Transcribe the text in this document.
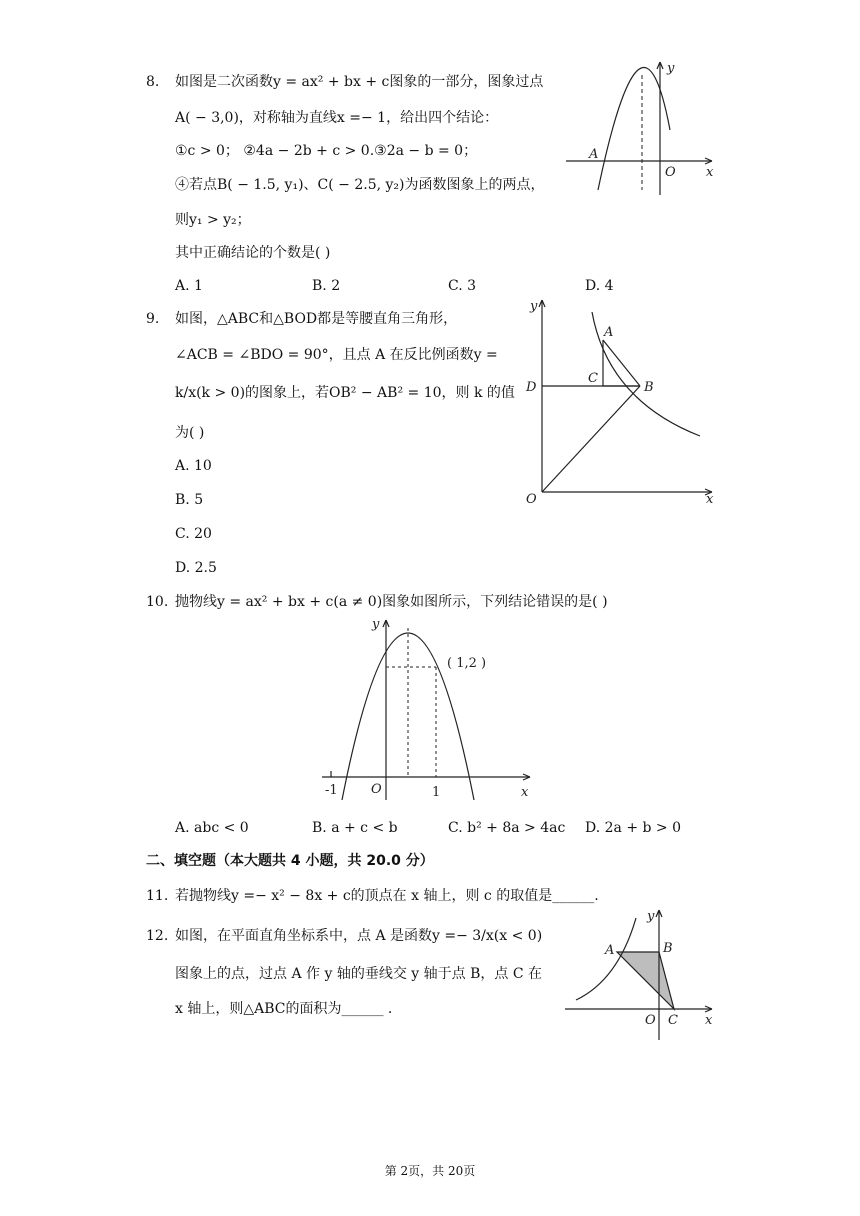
8. 如图是二次函数y = ax² + bx + c图象的一部分，图象过点
A( − 3,0)，对称轴为直线x =− 1，给出四个结论：
①c > 0； ②4a − 2b + c > 0.③2a − b = 0；
④若点B( − 1.5, y₁)、C( − 2.5, y₂)为函数图象上的两点，
则y₁ > y₂；
其中正确结论的个数是( )
A. 1	B. 2	C. 3	D. 4
y
A
O x
9. 如图，△ABC和△BOD都是等腰直角三角形，
∠ACB = ∠BDO = 90°，且点 A 在反比例函数y =
k/x(k > 0)的图象上，若OB² − AB² = 10，则 k 的值
为( )
A. 10
B. 5
C. 20
D. 2.5
y
A
C
D	B
O	x
10. 抛物线y = ax² + bx + c(a ≠ 0)图象如图所示，下列结论错误的是( )
y
( 1,2 )
-1	O	1	x
A. abc < 0	B. a + c < b	C. b² + 8a > 4ac D. 2a + b > 0
二、填空题（本大题共 4 小题，共 20.0 分）
11. 若抛物线y =− x² − 8x + c的顶点在 x 轴上，则 c 的取值是______.
12. 如图，在平面直角坐标系中，点 A 是函数y =− 3/x(x < 0)
图象上的点，过点 A 作 y 轴的垂线交 y 轴于点 B，点 C 在
x 轴上，则△ABC的面积为______ .
y
A	B
O C x
第 2页，共 20页
